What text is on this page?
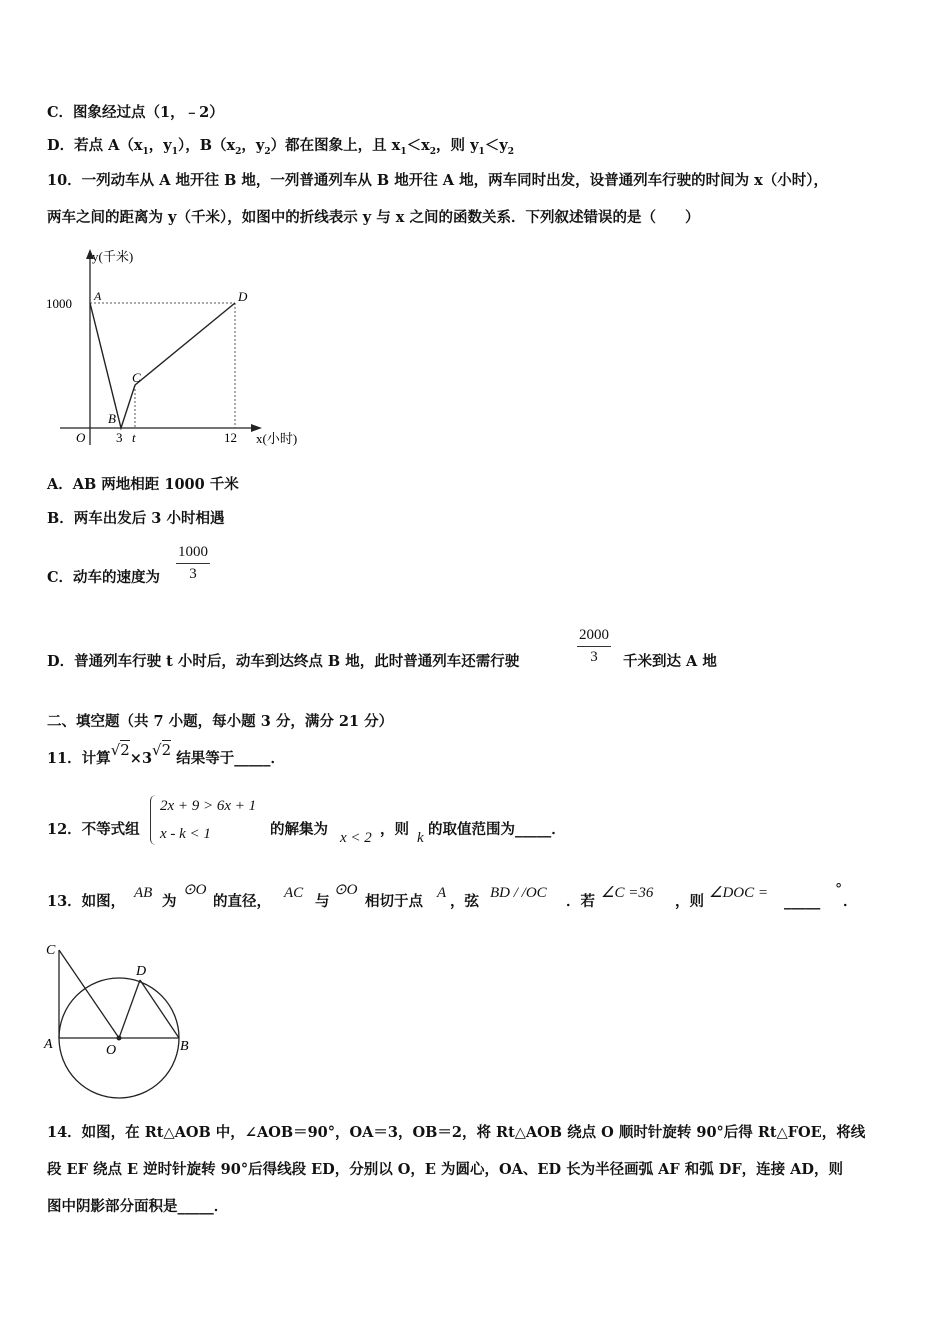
C．图象经过点（1，﹣2）
D．若点 $A(x_1$，$y_1$），$B(x_2$，$y_2$）都在图象上，且 $x_1<x_2$，则 $y_1<y_2$
10．一列动车从 A 地开往 B 地，一列普通列车从 B 地开往 A 地，两车同时出发，设普通列车行驶的时间为 x（小时），
两车之间的距离为 y（千米），如图中的折线表示 y 与 x 之间的函数关系．下列叙述错误的是（　　）
y(千米)
x(小时)
1000
O 3 t	12
A
B
C
D
A．AB 两地相距 1000 千米
B．两车出发后 3 小时相遇
C．动车的速度为 $\frac{1000}{3}$
D．普通列车行驶 t 小时后，动车到达终点 B 地，此时普通列车还需行驶	$\frac{2000}{3}$ 千米到达 A 地
二、填空题（共 7 小题，每小题 3 分，满分 21 分）
11．计算√2×3√2 结果等于_____．
12．不等式组
2x + 9 > 6x + 1
x - k < 1	的解集为 x < 2 ，则 k 的取值范围为_____．
13．如图， AB 为
⊙O
的直径， AC 与
⊙O
相切于点 A ，弦 BD / /OC ．若 ∠C =36 ，则 ∠DOC = _____
°
．
C
D
A	O	B
14．如图，在 Rt△AOB 中，∠AOB＝90°，OA＝3，OB＝2，将 Rt△AOB 绕点 O 顺时针旋转 90°后得 Rt△FOE，将线
段 EF 绕点 E 逆时针旋转 90°后得线段 ED，分别以 O，E 为圆心，OA、ED 长为半径画弧 AF 和弧 DF，连接 AD，则
图中阴影部分面积是_____．
